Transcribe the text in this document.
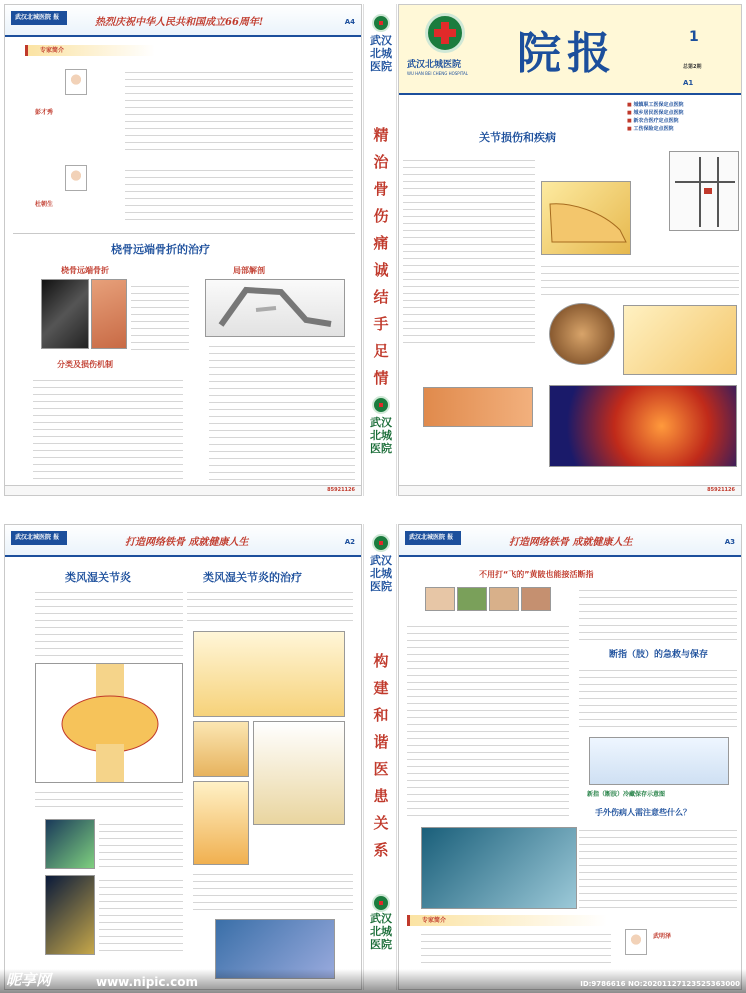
武汉北城医院 报	热烈庆祝中华人民共和国成立66周年!	A4
专家简介
彭才秀
杜朝生
桡骨远端骨折的治疗
桡骨远端骨折	局部解剖
分类及损伤机制
85921126
武汉北城医院
精
治
骨
伤
痛
诚
结
手
足
情
武汉北城医院
武汉北城医院
WU HAN BEI CHENG HOSPITAL 院报	1
总第2期
A1
■ 城镇职工医保定点医院
■ 城乡居民医保定点医院
■ 新农合医疗定点医院
■ 工伤保险定点医院
关节损伤和疾病
85921126
武汉北城医院 报	打造网络铁骨 成就健康人生	A2
类风湿关节炎	类风湿关节炎的治疗
武汉北城医院
构
建
和
谐
医
患
关
系
武汉北城医院
武汉北城医院 报	打造网络铁骨 成就健康人生	A3
不用打“飞的”黄陂也能接活断指
断指（肢）的急救与保存
新指（断肢）冷藏保存示意图
手外伤病人需注意些什么？
专家简介
武明泽
昵享网	www.nipic.com	ID:9786616 NO:20201127123525363000
